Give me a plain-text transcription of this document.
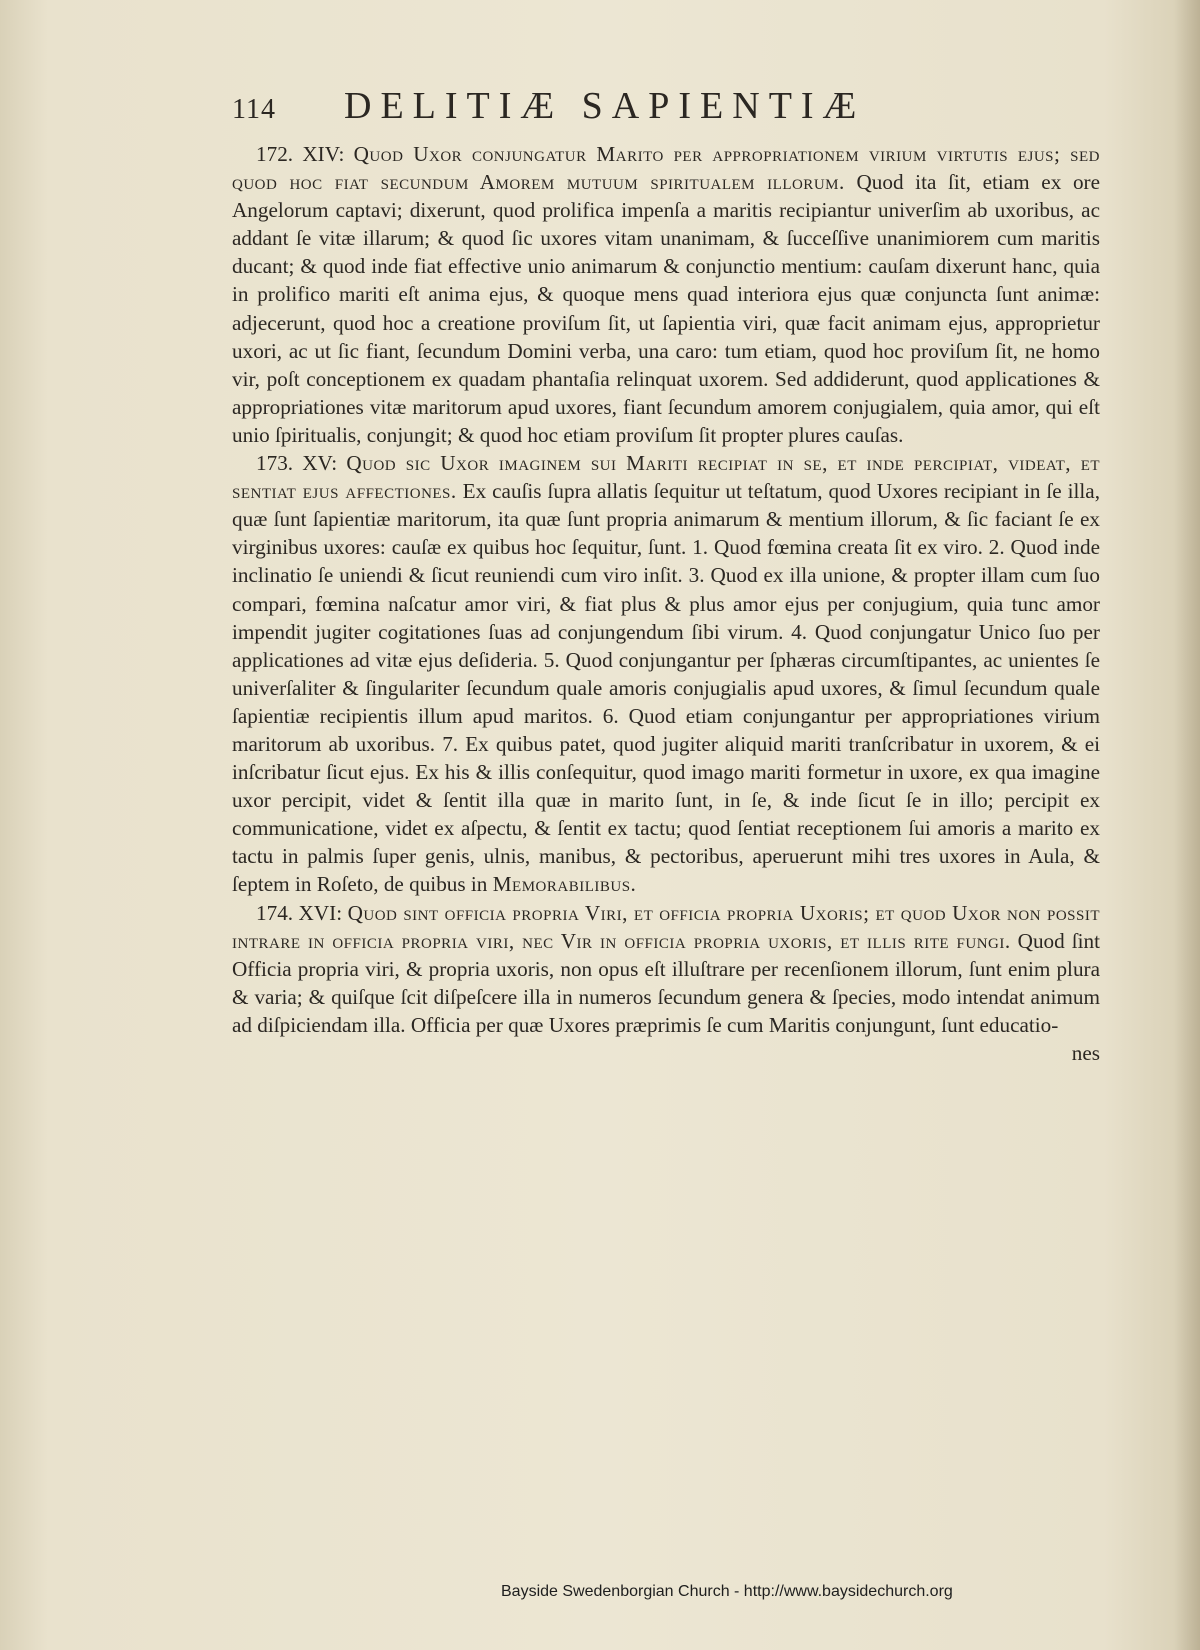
114 DELITIÆ SAPIENTIÆ

172. XIV: Quod Uxor conjungatur Marito per appropriationem virium virtutis ejus; sed quod hoc fiat secundum Amorem mutuum spiritualem illorum. Quod ita ſit, etiam ex ore Angelorum captavi; dixerunt, quod prolifica impenſa a maritis recipiantur univerſim ab uxoribus, ac addant ſe vitæ illarum; & quod ſic uxores vitam unanimam, & ſucceſſive unanimiorem cum maritis ducant; & quod inde fiat effective unio animarum & conjunctio mentium: cauſam dixerunt hanc, quia in prolifico mariti eſt anima ejus, & quoque mens quad interiora ejus quæ conjuncta ſunt animæ: adjecerunt, quod hoc a creatione proviſum ſit, ut ſapientia viri, quæ facit animam ejus, approprietur uxori, ac ut ſic fiant, ſecundum Domini verba, una caro: tum etiam, quod hoc proviſum ſit, ne homo vir, poſt conceptionem ex quadam phantaſia relinquat uxorem. Sed addiderunt, quod applicationes & appropriationes vitæ maritorum apud uxores, fiant ſecundum amorem conjugialem, quia amor, qui eſt unio ſpiritualis, conjungit; & quod hoc etiam proviſum ſit propter plures cauſas.

173. XV: Quod sic Uxor imaginem sui Mariti recipiat in se, et inde percipiat, videat, et sentiat ejus affectiones. Ex cauſis ſupra allatis ſequitur ut teſtatum, quod Uxores recipiant in ſe illa, quæ ſunt ſapientiæ maritorum, ita quæ ſunt propria animarum & mentium illorum, & ſic faciant ſe ex virginibus uxores: cauſæ ex quibus hoc ſequitur, ſunt. 1. Quod fœmina creata ſit ex viro. 2. Quod inde inclinatio ſe uniendi & ſicut reuniendi cum viro inſit. 3. Quod ex illa unione, & propter illam cum ſuo compari, fœmina naſcatur amor viri, & fiat plus & plus amor ejus per conjugium, quia tunc amor impendit jugiter cogitationes ſuas ad conjungendum ſibi virum. 4. Quod conjungatur Unico ſuo per applicationes ad vitæ ejus deſideria. 5. Quod conjungantur per ſphæras circumſtipantes, ac unientes ſe univerſaliter & ſingulariter ſecundum quale amoris conjugialis apud uxores, & ſimul ſecundum quale ſapientiæ recipientis illum apud maritos. 6. Quod etiam conjungantur per appropriationes virium maritorum ab uxoribus. 7. Ex quibus patet, quod jugiter aliquid mariti tranſcribatur in uxorem, & ei inſcribatur ſicut ejus. Ex his & illis conſequitur, quod imago mariti formetur in uxore, ex qua imagine uxor percipit, videt & ſentit illa quæ in marito ſunt, in ſe, & inde ſicut ſe in illo; percipit ex communicatione, videt ex aſpectu, & ſentit ex tactu; quod ſentiat receptionem ſui amoris a marito ex tactu in palmis ſuper genis, ulnis, manibus, & pectoribus, aperuerunt mihi tres uxores in Aula, & ſeptem in Roſeto, de quibus in Memorabilibus.

174. XVI: Quod sint officia propria Viri, et officia propria Uxoris; et quod Uxor non possit intrare in officia propria viri, nec Vir in officia propria uxoris, et illis rite fungi. Quod ſint Officia propria viri, & propria uxoris, non opus eſt illuſtrare per recenſionem illorum, ſunt enim plura & varia; & quiſque ſcit diſpeſcere illa in numeros ſecundum genera & ſpecies, modo intendat animum ad diſpiciendam illa. Officia per quæ Uxores præprimis ſe cum Maritis conjungunt, ſunt educatio-

nes

Bayside Swedenborgian Church - http://www.baysidechurch.org
